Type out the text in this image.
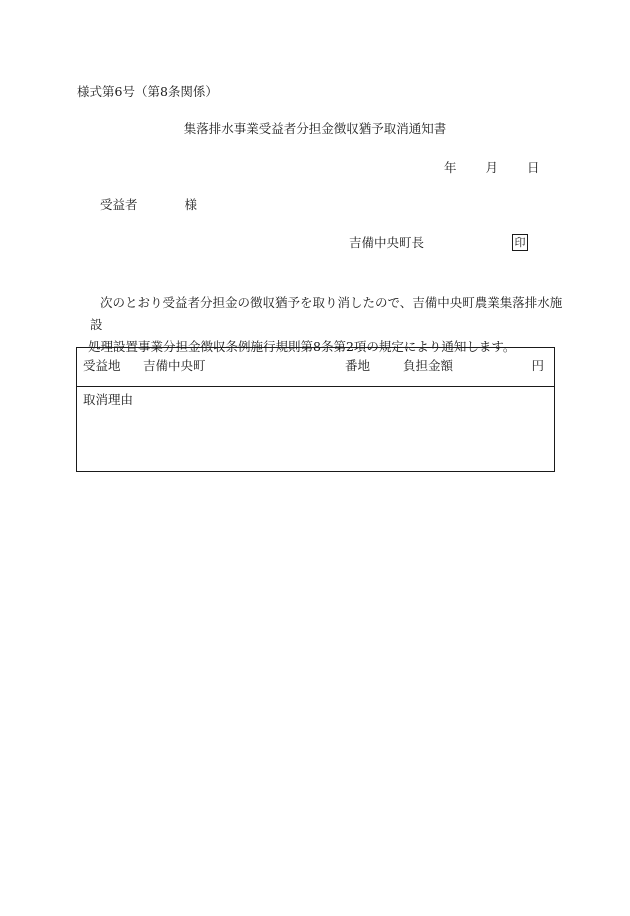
様式第6号（第8条関係）
集落排水事業受益者分担金徴収猶予取消通知書
年 月 日
受益者	様
吉備中央町長	印
次のとおり受益者分担金の徴収猶予を取り消したので、吉備中央町農業集落排水施設
処理設置事業分担金徴収条例施行規則第8条第2項の規定により通知します。
受益地 吉備中央町	番地	負担金額	円
取消理由
